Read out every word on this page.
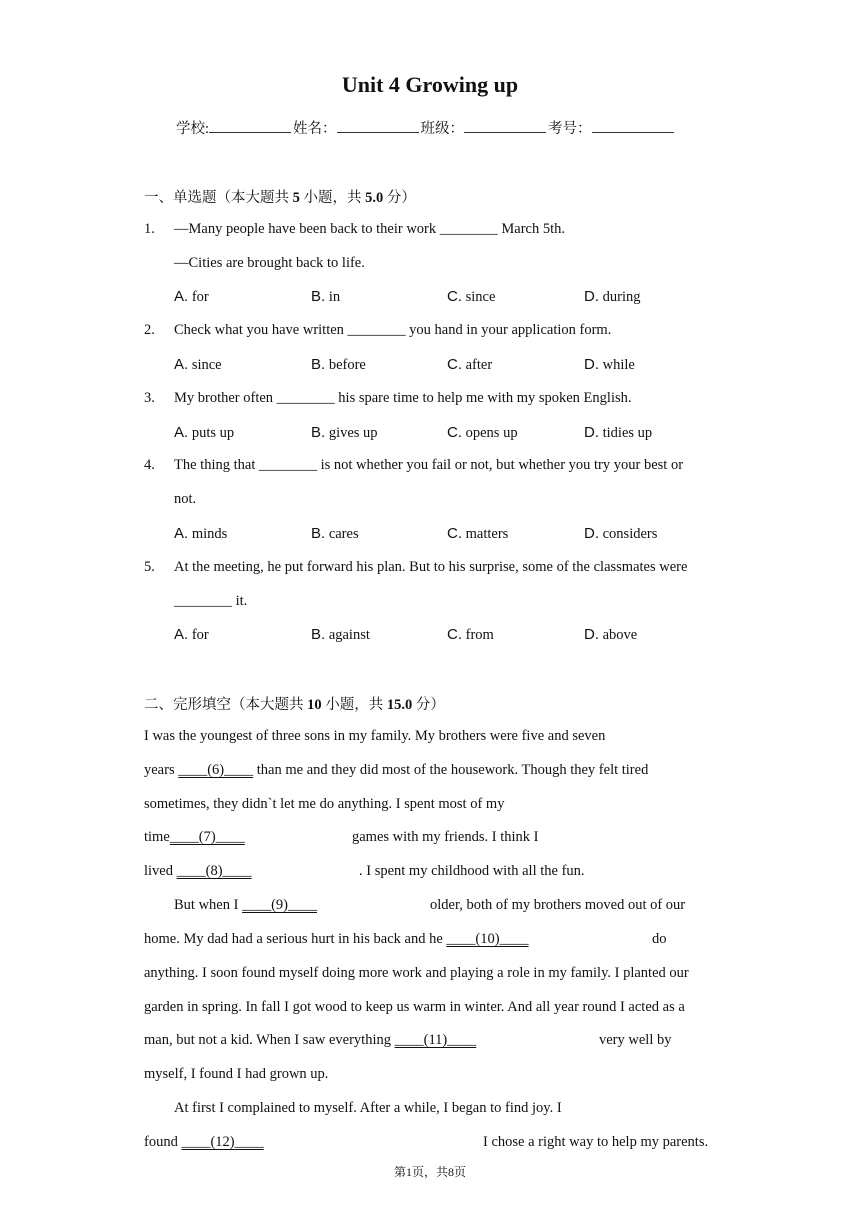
Unit 4 Growing up
学校:	姓名：	班级：	考号：
一、单选题（本大题共 5 小题，共 5.0 分）
1. —Many people have been back to their work ________ March 5th.
—Cities are brought back to life.
A. for	B. in	C. since	D. during
2. Check what you have written ________ you hand in your application form.
A. since	B. before	C. after	D. while
3. My brother often ________ his spare time to help me with my spoken English.
A. puts up	B. gives up	C. opens up	D. tidies up
4. The thing that ________ is not whether you fail or not, but whether you try your best or
not.
A. minds	B. cares	C. matters	D. considers
5. At the meeting, he put forward his plan. But to his surprise, some of the classmates were
________ it.
A. for	B. against	C. from	D. above
二、完形填空（本大题共 10 小题，共 15.0 分）
I was the youngest of three sons in my family. My brothers were five and seven
years ____(6)____ than me and they did most of the housework. Though they felt tired
sometimes, they didn`t let me do anything. I spent most of my
time____(7)____	games with my friends. I think I
lived ____(8)____	. I spent my childhood with all the fun.
But when I ____(9)____	older, both of my brothers moved out of our
home. My dad had a serious hurt in his back and he ____(10)____	do
anything. I soon found myself doing more work and playing a role in my family. I planted our
garden in spring. In fall I got wood to keep us warm in winter. And all year round I acted as a
man, but not a kid. When I saw everything ____(11)____	very well by
myself, I found I had grown up.
At first I complained to myself. After a while, I began to find joy. I
found ____(12)____	I chose a right way to help my parents.
第1页，共8页
